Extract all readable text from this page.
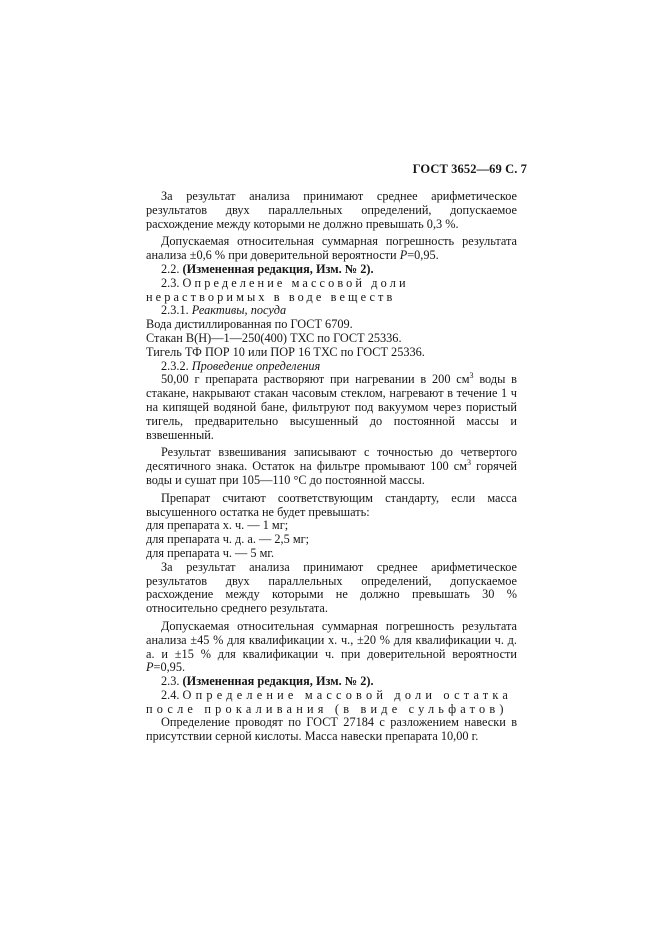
ГОСТ 3652—69 С. 7

За результат анализа принимают среднее арифметическое результатов двух параллельных определений, допускаемое расхождение между которыми не должно превышать 0,3 %.

Допускаемая относительная суммарная погрешность результата анализа ±0,6 % при доверительной вероятности P=0,95.

2.2. (Измененная редакция, Изм. № 2).

2.3. Определение массовой доли нерастворимых в воде веществ

2.3.1. Реактивы, посуда

Вода дистиллированная по ГОСТ 6709.

Стакан В(Н)—1—250(400) ТХС по ГОСТ 25336.

Тигель ТФ ПОР 10 или ПОР 16 ТХС по ГОСТ 25336.

2.3.2. Проведение определения

50,00 г препарата растворяют при нагревании в 200 $см^3$ воды в стакане, накрывают стакан часовым стеклом, нагревают в течение 1 ч на кипящей водяной бане, фильтруют под вакуумом через пористый тигель, предварительно высушенный до постоянной массы и взвешенный.

Результат взвешивания записывают с точностью до четвертого десятичного знака. Остаток на фильтре промывают 100 $см^3$ горячей воды и сушат при 105—110 °С до постоянной массы.

Препарат считают соответствующим стандарту, если масса высушенного остатка не будет превышать:

для препарата х. ч. — 1 мг;

для препарата ч. д. а. — 2,5 мг;

для препарата ч. — 5 мг.

За результат анализа принимают среднее арифметическое результатов двух параллельных определений, допускаемое расхождение между которыми не должно превышать 30 % относительно среднего результата.

Допускаемая относительная суммарная погрешность результата анализа ±45 % для квалификации х. ч., ±20 % для квалификации ч. д. а. и ±15 % для квалификации ч. при доверительной вероятности P=0,95.

2.3. (Измененная редакция, Изм. № 2).

2.4. Определение массовой доли остатка после прокаливания (в виде сульфатов)

Определение проводят по ГОСТ 27184 с разложением навески в присутствии серной кислоты. Масса навески препарата 10,00 г.
